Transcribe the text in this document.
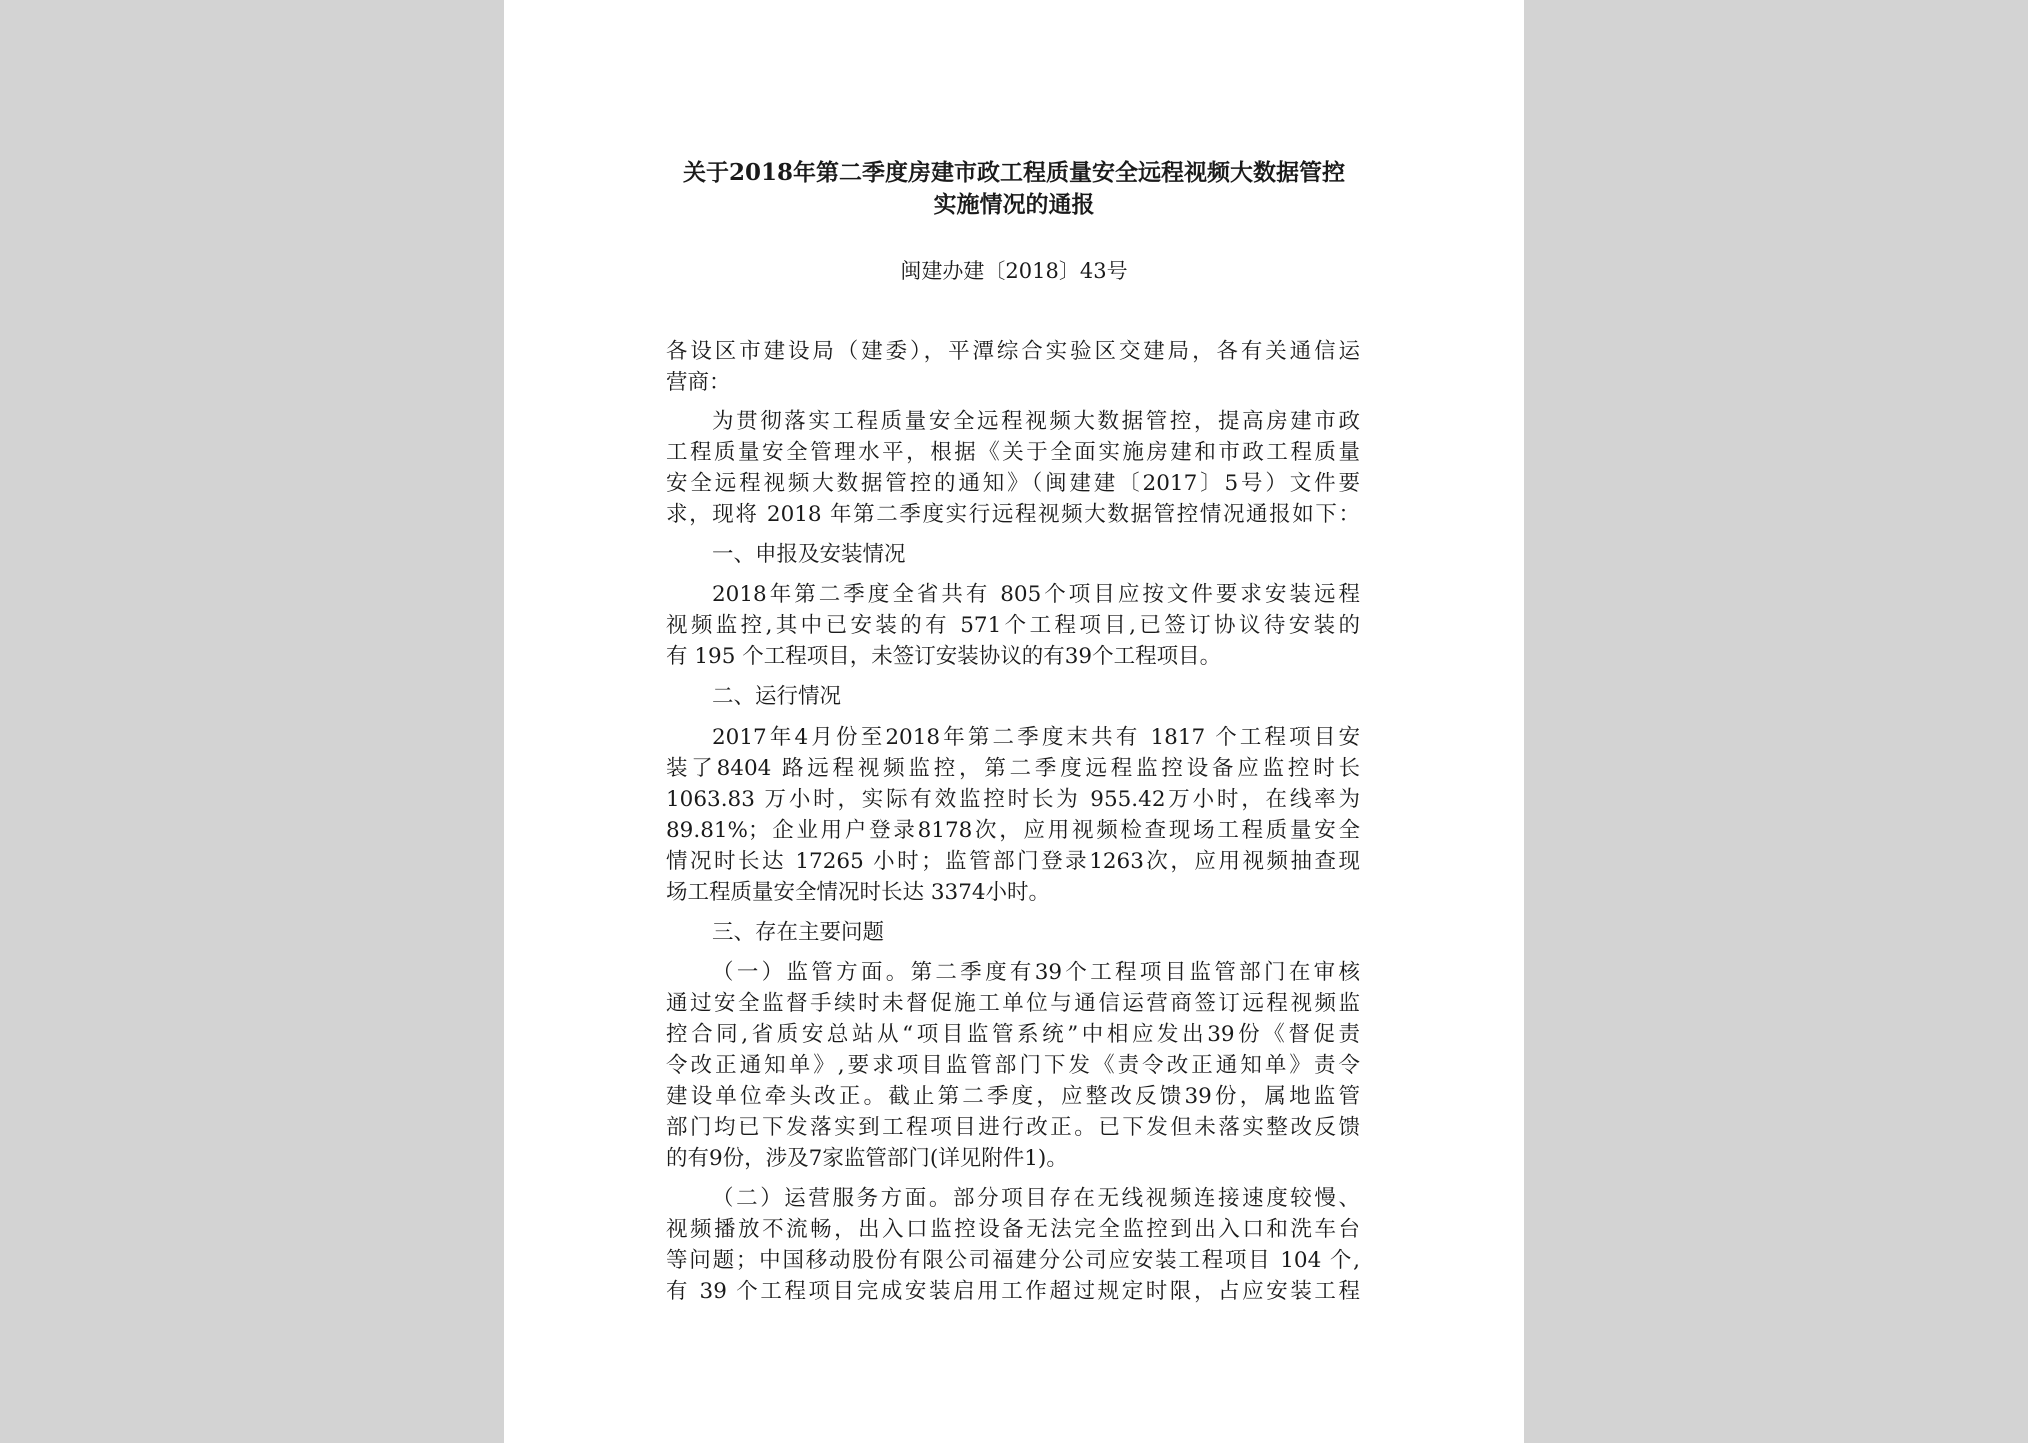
关于2018年第二季度房建市政工程质量安全远程视频大数据管控
实施情况的通报
闽建办建〔2018〕43号
各设区市建设局（建委），平潭综合实验区交建局，各有关通信运
营商：
为贯彻落实工程质量安全远程视频大数据管控，提高房建市政
工程质量安全管理水平，根据《关于全面实施房建和市政工程质量
安全远程视频大数据管控的通知》（闽建建〔2017〕5号）文件要
求，现将 2018 年第二季度实行远程视频大数据管控情况通报如下：
一、申报及安装情况
2018年第二季度全省共有 805个项目应按文件要求安装远程
视频监控,其中已安装的有 571个工程项目,已签订协议待安装的
有 195 个工程项目，未签订安装协议的有39个工程项目。
二、运行情况
2017年4月份至2018年第二季度末共有 1817 个工程项目安
装了8404 路远程视频监控，第二季度远程监控设备应监控时长
1063.83 万小时，实际有效监控时长为 955.42万小时，在线率为
89.81%；企业用户登录8178次，应用视频检查现场工程质量安全
情况时长达 17265 小时；监管部门登录1263次，应用视频抽查现
场工程质量安全情况时长达 3374小时。
三、存在主要问题
（一）监管方面。第二季度有39个工程项目监管部门在审核
通过安全监督手续时未督促施工单位与通信运营商签订远程视频监
控合同,省质安总站从“项目监管系统”中相应发出39份《督促责
令改正通知单》,要求项目监管部门下发《责令改正通知单》责令
建设单位牵头改正。截止第二季度，应整改反馈39份，属地监管
部门均已下发落实到工程项目进行改正。已下发但未落实整改反馈
的有9份，涉及7家监管部门(详见附件1)。
（二）运营服务方面。部分项目存在无线视频连接速度较慢、
视频播放不流畅，出入口监控设备无法完全监控到出入口和洗车台
等问题；中国移动股份有限公司福建分公司应安装工程项目 104 个,
有 39 个工程项目完成安装启用工作超过规定时限，占应安装工程
